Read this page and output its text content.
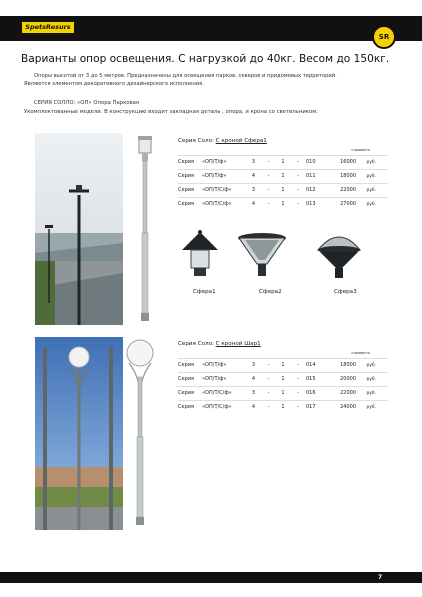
SpetsResurs
SR
Варианты опор освещения. С нагрузкой до 40кг. Весом до 150кг.
Опоры высотой от 3 до 5 метров. Предназначены для освещения парков, скверов и придомовых территорий.
Являются элементом декоративного дизайнерского исполнения.
СЕРИЯ СОЛЛО: «ОП» Опора Парковая
Укомплектованные модели. В конструкцию входит закладная деталь , опора, и крона со светильником.
Серия Соло: С кроной Сфера1
стоимость
Серия	«ОП/Т/ф»	3	-	1	-	010	16000	руб.
Серия	«ОП/Т/ф»	4	-	1	-	011	18000	руб.
Серия	«ОП/Т/С/ф»	3	-	1	-	012	22000	руб.
Серия	«ОП/Т/С/ф»	4	-	1	-	013	27000	руб.
Сфера1	Сфера2	Сфера3
Серия Соло: С кроной Шар1
стоимость
Серия	«ОП/Т/ф»	3	-	1	-	014	18000	руб.
Серия	«ОП/Т/ф»	4	-	1	-	015	20000	руб.
Серия	«ОП/Т/С/ф»	3	-	1	-	016	22000	руб.
Серия	«ОП/Т/С/ф»	4	-	1	-	017	24000	руб.
7
